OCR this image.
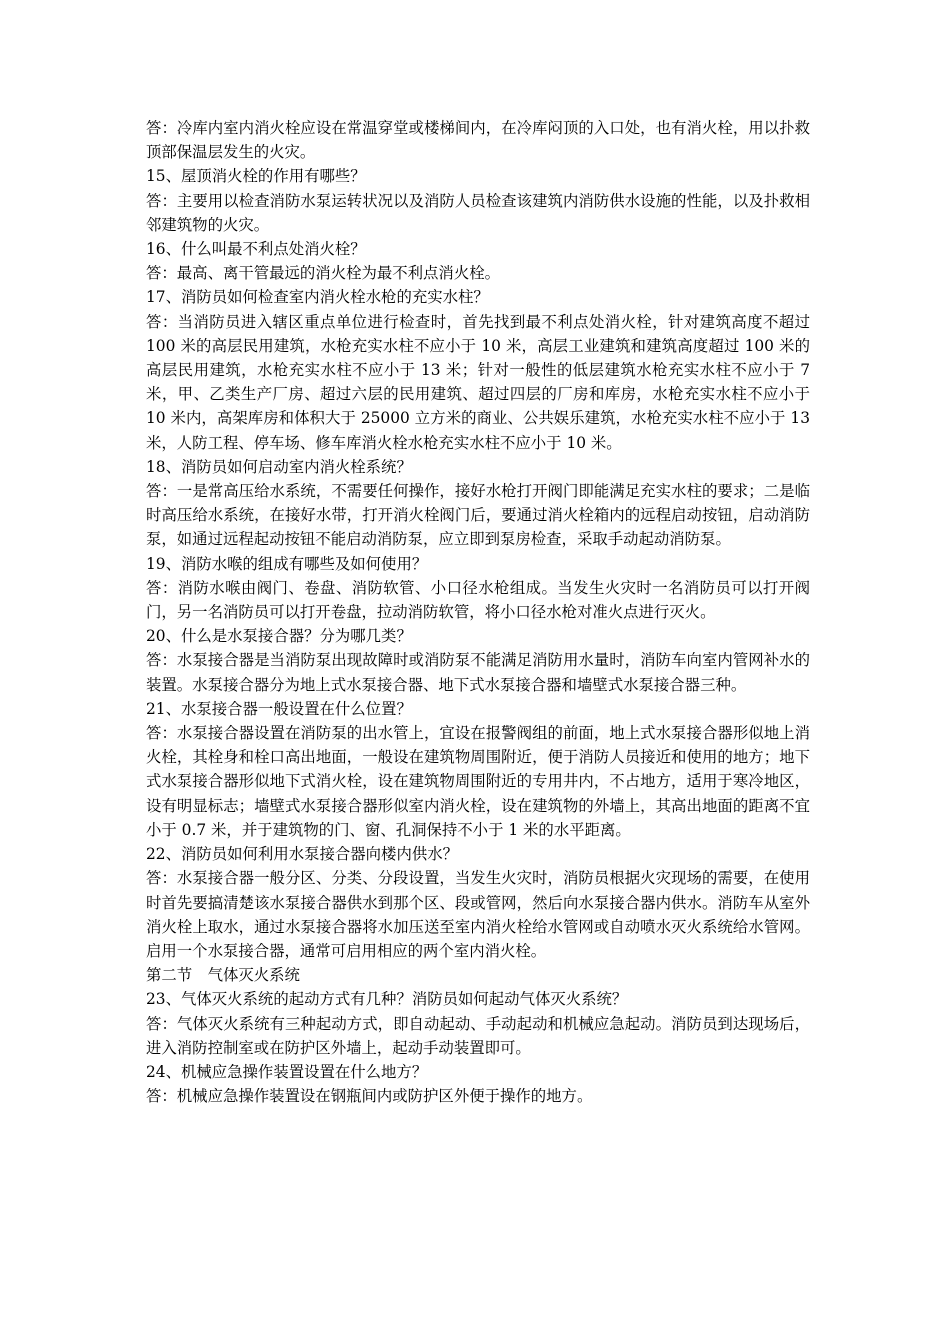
答：冷库内室内消火栓应设在常温穿堂或楼梯间内，在冷库闷顶的入口处，也有消火栓，用以扑救顶部保温层发生的火灾。

15、屋顶消火栓的作用有哪些？

答：主要用以检查消防水泵运转状况以及消防人员检查该建筑内消防供水设施的性能，以及扑救相邻建筑物的火灾。

16、什么叫最不利点处消火栓？

答：最高、离干管最远的消火栓为最不利点消火栓。

17、消防员如何检查室内消火栓水枪的充实水柱？

答：当消防员进入辖区重点单位进行检查时，首先找到最不利点处消火栓，针对建筑高度不超过 100 米的高层民用建筑，水枪充实水柱不应小于 10 米，高层工业建筑和建筑高度超过 100 米的高层民用建筑，水枪充实水柱不应小于 13 米；针对一般性的低层建筑水枪充实水柱不应小于 7 米，甲、乙类生产厂房、超过六层的民用建筑、超过四层的厂房和库房，水枪充实水柱不应小于 10 米内，高架库房和体积大于 25000 立方米的商业、公共娱乐建筑，水枪充实水柱不应小于 13 米，人防工程、停车场、修车库消火栓水枪充实水柱不应小于 10 米。

18、消防员如何启动室内消火栓系统？

答：一是常高压给水系统，不需要任何操作，接好水枪打开阀门即能满足充实水柱的要求；二是临时高压给水系统，在接好水带，打开消火栓阀门后，要通过消火栓箱内的远程启动按钮，启动消防泵，如通过远程起动按钮不能启动消防泵，应立即到泵房检查，采取手动起动消防泵。

19、消防水喉的组成有哪些及如何使用？

答：消防水喉由阀门、卷盘、消防软管、小口径水枪组成。当发生火灾时一名消防员可以打开阀门，另一名消防员可以打开卷盘，拉动消防软管，将小口径水枪对准火点进行灭火。

20、什么是水泵接合器？分为哪几类？

答：水泵接合器是当消防泵出现故障时或消防泵不能满足消防用水量时，消防车向室内管网补水的装置。水泵接合器分为地上式水泵接合器、地下式水泵接合器和墙壁式水泵接合器三种。

21、水泵接合器一般设置在什么位置？

答：水泵接合器设置在消防泵的出水管上，宜设在报警阀组的前面，地上式水泵接合器形似地上消火栓，其栓身和栓口高出地面，一般设在建筑物周围附近，便于消防人员接近和使用的地方；地下式水泵接合器形似地下式消火栓，设在建筑物周围附近的专用井内，不占地方，适用于寒冷地区，设有明显标志；墙壁式水泵接合器形似室内消火栓，设在建筑物的外墙上，其高出地面的距离不宜小于 0.7 米，并于建筑物的门、窗、孔洞保持不小于 1 米的水平距离。

22、消防员如何利用水泵接合器向楼内供水？

答：水泵接合器一般分区、分类、分段设置，当发生火灾时，消防员根据火灾现场的需要，在使用时首先要搞清楚该水泵接合器供水到那个区、段或管网，然后向水泵接合器内供水。消防车从室外消火栓上取水，通过水泵接合器将水加压送至室内消火栓给水管网或自动喷水灭火系统给水管网。启用一个水泵接合器，通常可启用相应的两个室内消火栓。

第二节　气体灭火系统

23、气体灭火系统的起动方式有几种？消防员如何起动气体灭火系统？

答：气体灭火系统有三种起动方式，即自动起动、手动起动和机械应急起动。消防员到达现场后，进入消防控制室或在防护区外墙上，起动手动装置即可。

24、机械应急操作装置设置在什么地方？

答：机械应急操作装置设在钢瓶间内或防护区外便于操作的地方。
